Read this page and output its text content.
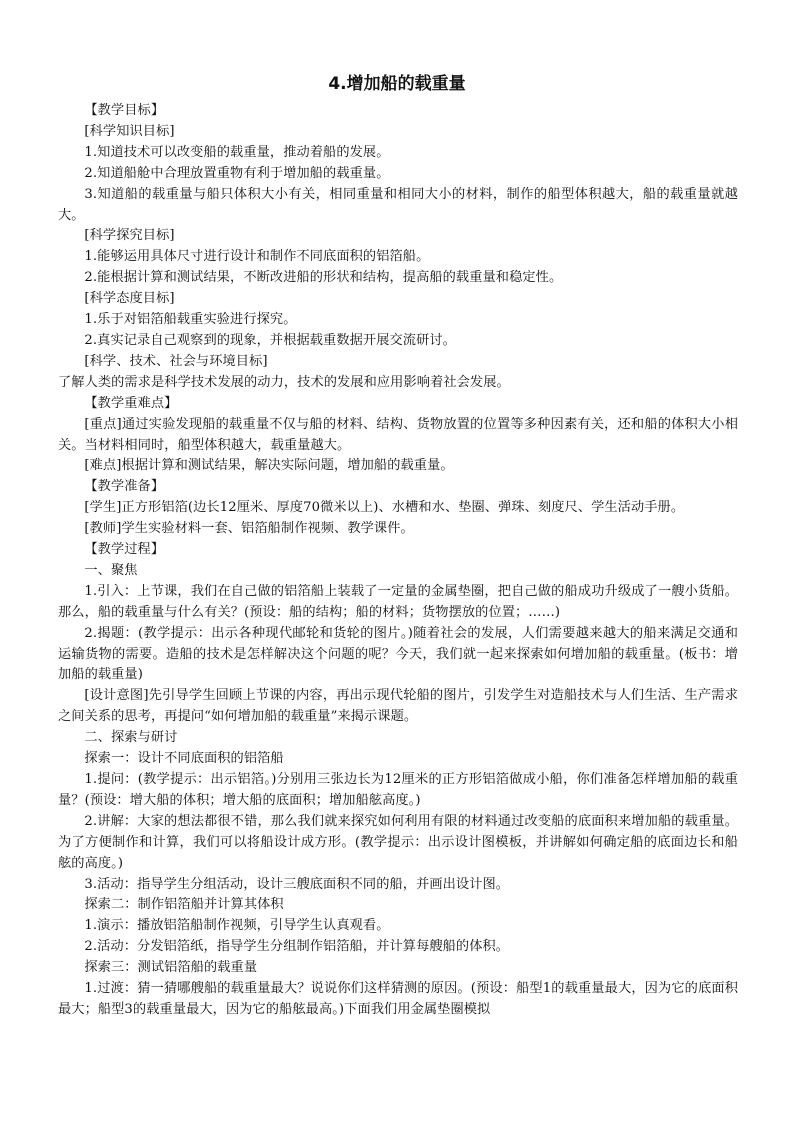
4.增加船的载重量

【教学目标】

[科学知识目标]

1.知道技术可以改变船的载重量，推动着船的发展。

2.知道船舱中合理放置重物有利于增加船的载重量。

3.知道船的载重量与船只体积大小有关，相同重量和相同大小的材料，制作的船型体积越大，船的载重量就越大。

[科学探究目标]

1.能够运用具体尺寸进行设计和制作不同底面积的铝箔船。

2.能根据计算和测试结果，不断改进船的形状和结构，提高船的载重量和稳定性。

[科学态度目标]

1.乐于对铝箔船载重实验进行探究。

2.真实记录自己观察到的现象，并根据载重数据开展交流研讨。

[科学、技术、社会与环境目标]

了解人类的需求是科学技术发展的动力，技术的发展和应用影响着社会发展。

【教学重难点】

[重点]通过实验发现船的载重量不仅与船的材料、结构、货物放置的位置等多种因素有关，还和船的体积大小相关。当材料相同时，船型体积越大，载重量越大。

[难点]根据计算和测试结果，解决实际问题，增加船的载重量。

【教学准备】

[学生]正方形铝箔(边长12厘米、厚度70微米以上)、水槽和水、垫圈、弹珠、刻度尺、学生活动手册。

[教师]学生实验材料一套、铝箔船制作视频、教学课件。

【教学过程】

一、聚焦

1.引入：上节课，我们在自己做的铝箔船上装载了一定量的金属垫圈，把自己做的船成功升级成了一艘小货船。那么，船的载重量与什么有关？(预设：船的结构；船的材料；货物摆放的位置；……)

2.揭题：(教学提示：出示各种现代邮轮和货轮的图片。)随着社会的发展，人们需要越来越大的船来满足交通和运输货物的需要。造船的技术是怎样解决这个问题的呢？今天，我们就一起来探索如何增加船的载重量。(板书：增加船的载重量)

[设计意图]先引导学生回顾上节课的内容，再出示现代轮船的图片，引发学生对造船技术与人们生活、生产需求之间关系的思考，再提问“如何增加船的载重量”来揭示课题。

二、探索与研讨

探索一：设计不同底面积的铝箔船

1.提问：(教学提示：出示铝箔。)分别用三张边长为12厘米的正方形铝箔做成小船，你们准备怎样增加船的载重量？(预设：增大船的体积；增大船的底面积；增加船舷高度。)

2.讲解：大家的想法都很不错，那么我们就来探究如何利用有限的材料通过改变船的底面积来增加船的载重量。为了方便制作和计算，我们可以将船设计成方形。(教学提示：出示设计图模板，并讲解如何确定船的底面边长和船舷的高度。)

3.活动：指导学生分组活动，设计三艘底面积不同的船，并画出设计图。

探索二：制作铝箔船并计算其体积

1.演示：播放铝箔船制作视频，引导学生认真观看。

2.活动：分发铝箔纸，指导学生分组制作铝箔船，并计算每艘船的体积。

探索三：测试铝箔船的载重量

1.过渡：猜一猜哪艘船的载重量最大？说说你们这样猜测的原因。(预设：船型1的载重量最大，因为它的底面积最大；船型3的载重量最大，因为它的船舷最高。)下面我们用金属垫圈模拟
